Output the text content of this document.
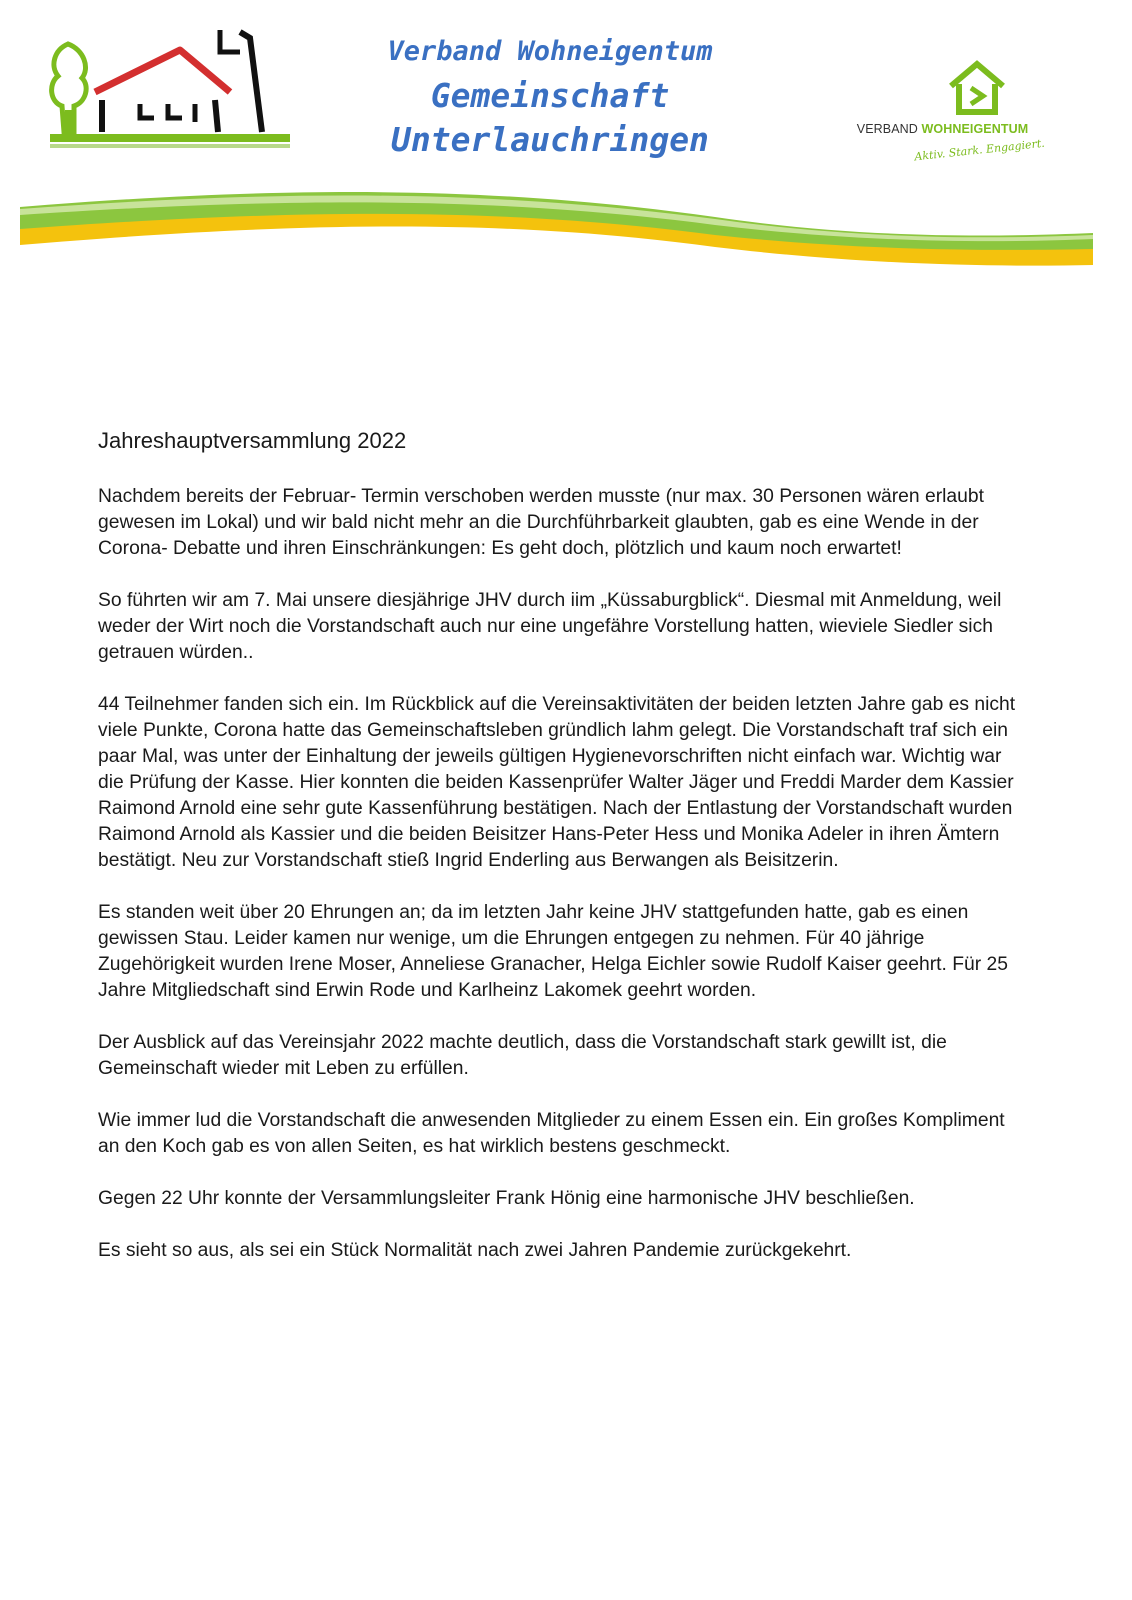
Verband Wohneigentum
Gemeinschaft
Unterlauchringen	VERBAND WOHNEIGENTUM
Aktiv. Stark. Engagiert.
Jahreshauptversammlung 2022

Nachdem bereits der Februar- Termin verschoben werden musste (nur max. 30 Personen wären erlaubt gewesen im Lokal) und wir bald nicht mehr an die Durchführbarkeit glaubten, gab es eine Wende in der Corona- Debatte und ihren Einschränkungen: Es geht doch, plötzlich und kaum noch erwartet!

So führten wir am 7. Mai unsere diesjährige JHV durch iim „Küssaburgblick“. Diesmal mit Anmeldung, weil weder der Wirt noch die Vorstandschaft auch nur eine ungefähre Vorstellung hatten, wieviele Siedler sich getrauen würden..

44 Teilnehmer fanden sich ein. Im Rückblick auf die Vereinsaktivitäten der beiden letzten Jahre gab es nicht viele Punkte, Corona hatte das Gemeinschaftsleben gründlich lahm gelegt. Die Vorstandschaft traf sich ein paar Mal, was unter der Einhaltung der jeweils gültigen Hygienevorschriften nicht einfach war. Wichtig war die Prüfung der Kasse. Hier konnten die beiden Kassenprüfer Walter Jäger und Freddi Marder dem Kassier Raimond Arnold eine sehr gute Kassenführung bestätigen. Nach der Entlastung der Vorstandschaft wurden Raimond Arnold als Kassier und die beiden Beisitzer Hans-Peter Hess und Monika Adeler in ihren Ämtern bestätigt. Neu zur Vorstandschaft stieß Ingrid Enderling aus Berwangen als Beisitzerin.

Es standen weit über 20 Ehrungen an; da im letzten Jahr keine JHV stattgefunden hatte, gab es einen gewissen Stau. Leider kamen nur wenige, um die Ehrungen entgegen zu nehmen. Für 40 jährige Zugehörigkeit wurden Irene Moser, Anneliese Granacher, Helga Eichler sowie Rudolf Kaiser geehrt. Für 25 Jahre Mitgliedschaft sind Erwin Rode und Karlheinz Lakomek geehrt worden.

Der Ausblick auf das Vereinsjahr 2022 machte deutlich, dass die Vorstandschaft stark gewillt ist, die Gemeinschaft wieder mit Leben zu erfüllen.

Wie immer lud die Vorstandschaft die anwesenden Mitglieder zu einem Essen ein. Ein großes Kompliment an den Koch gab es von allen Seiten, es hat wirklich bestens geschmeckt.

Gegen 22 Uhr konnte der Versammlungsleiter Frank Hönig eine harmonische JHV beschließen.

Es sieht so aus, als sei ein Stück Normalität nach zwei Jahren Pandemie zurückgekehrt.
